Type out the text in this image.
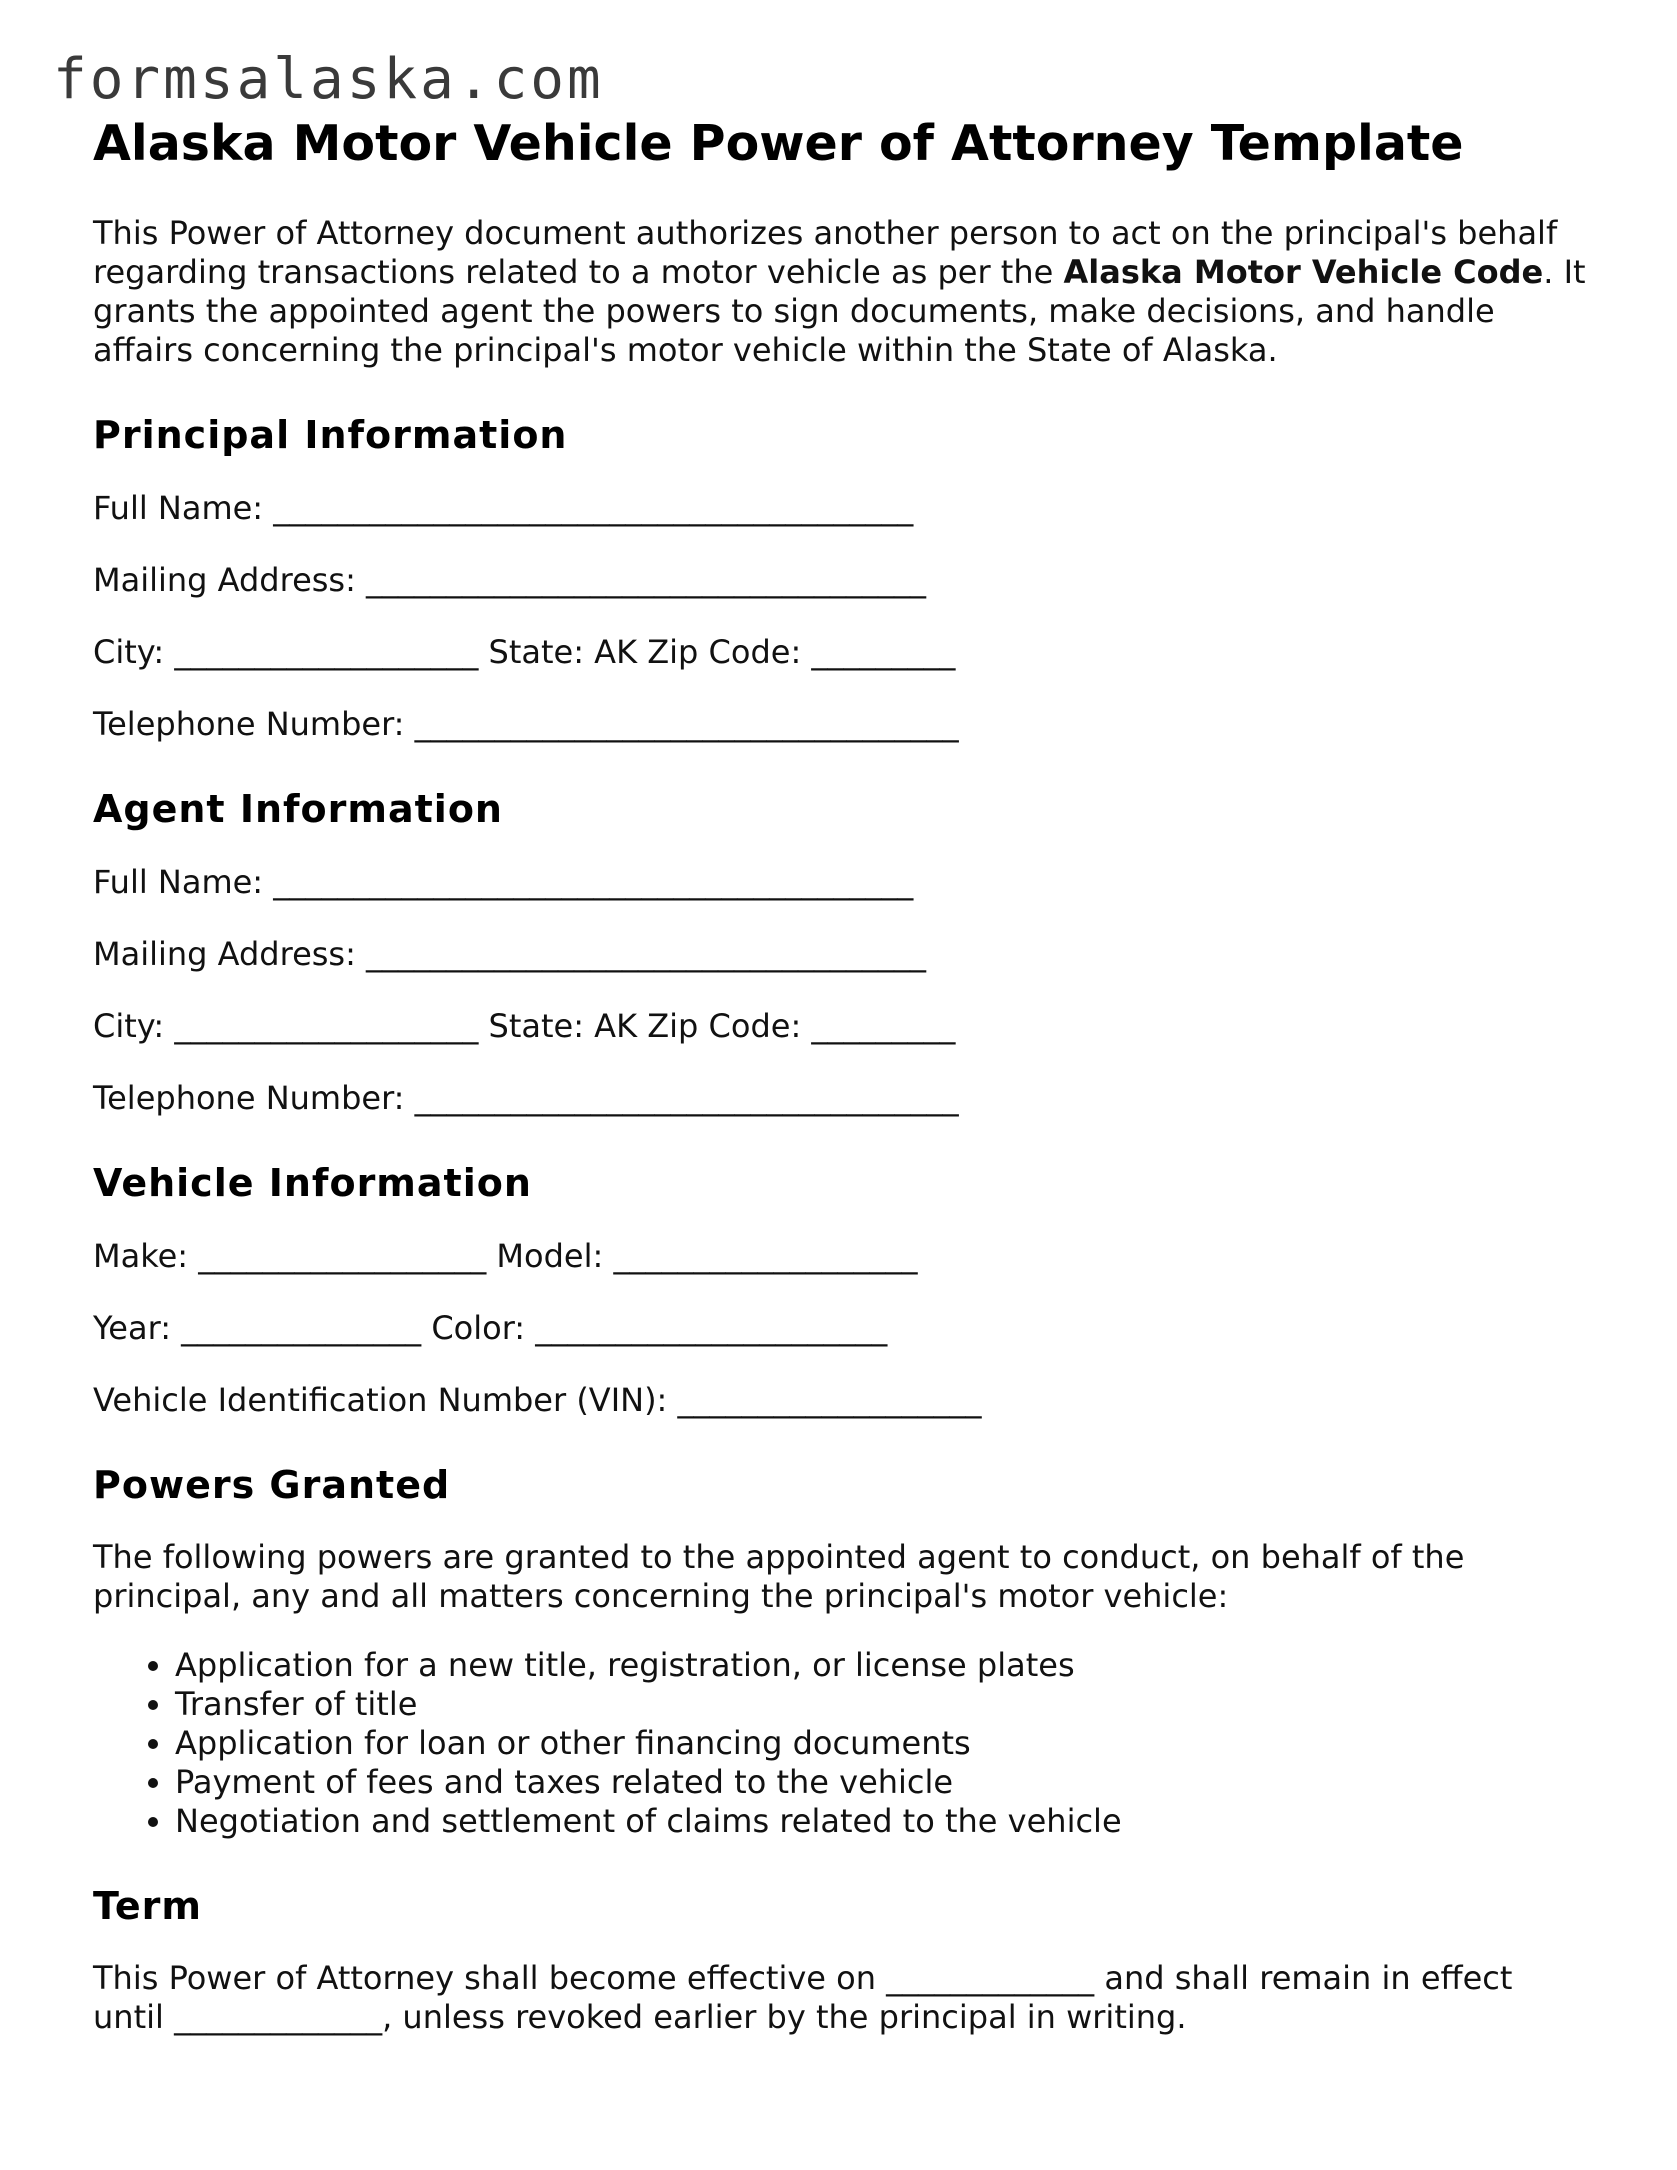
formsalaska.com
Alaska Motor Vehicle Power of Attorney Template

This Power of Attorney document authorizes another person to act on the principal's behalf regarding transactions related to a motor vehicle as per the Alaska Motor Vehicle Code. It grants the appointed agent the powers to sign documents, make decisions, and handle affairs concerning the principal's motor vehicle within the State of Alaska.

Principal Information
Full Name: ________________________________________
Mailing Address: ___________________________________
City: ___________________ State: AK Zip Code: _________
Telephone Number: __________________________________
Agent Information
Full Name: ________________________________________
Mailing Address: ___________________________________
City: ___________________ State: AK Zip Code: _________
Telephone Number: __________________________________
Vehicle Information
Make: __________________ Model: ___________________
Year: _______________ Color: ______________________
Vehicle Identification Number (VIN): ___________________
Powers Granted

The following powers are granted to the appointed agent to conduct, on behalf of the principal, any and all matters concerning the principal's motor vehicle:

• Application for a new title, registration, or license plates
• Transfer of title
• Application for loan or other financing documents
• Payment of fees and taxes related to the vehicle
• Negotiation and settlement of claims related to the vehicle
Term

This Power of Attorney shall become effective on _____________ and shall remain in effect until _____________, unless revoked earlier by the principal in writing.
